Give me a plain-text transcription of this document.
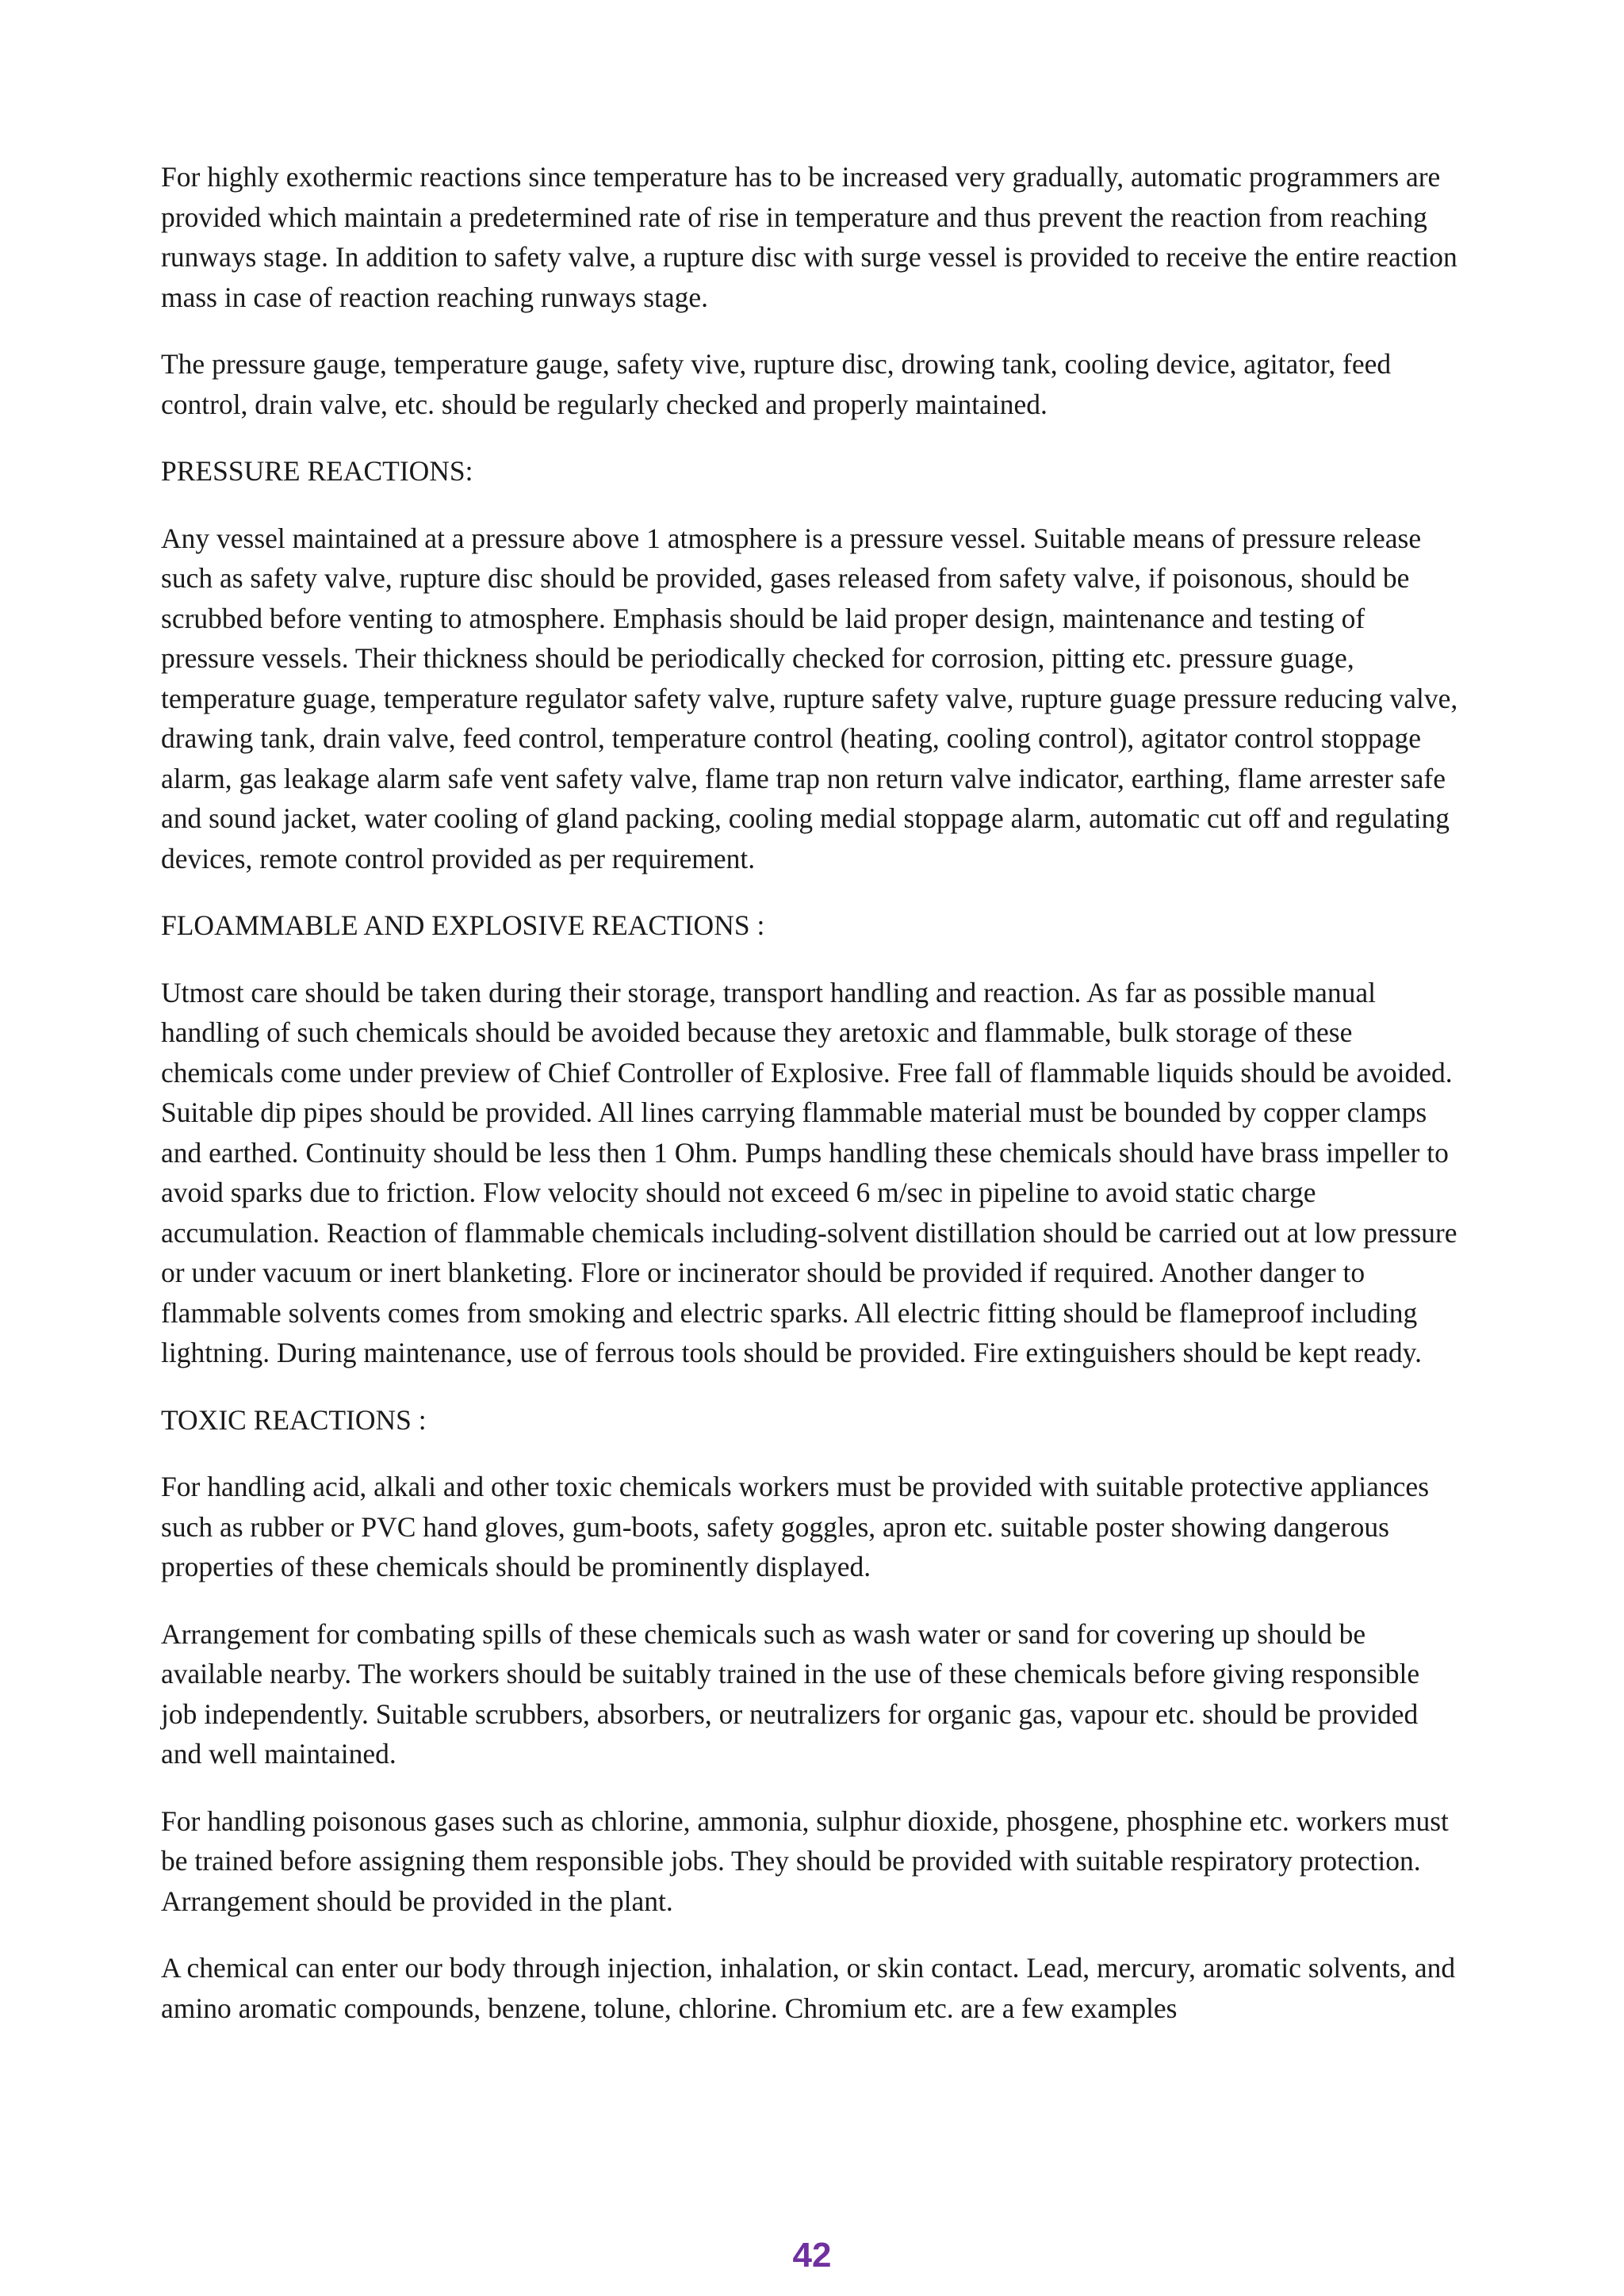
For highly exothermic reactions since temperature has to be increased very gradually, automatic programmers are provided which maintain a predetermined rate of rise in temperature and thus prevent the reaction from reaching runways stage. In addition to safety valve, a rupture disc with surge vessel is provided to receive the entire reaction mass in case of reaction reaching runways stage.

The pressure gauge, temperature gauge, safety vive, rupture disc, drowing tank, cooling device, agitator, feed control, drain valve, etc. should be regularly checked and properly maintained.

PRESSURE REACTIONS:

Any vessel maintained at a pressure above 1 atmosphere is a pressure vessel. Suitable means of pressure release such as safety valve, rupture disc should be provided, gases released from safety valve, if poisonous, should be scrubbed before venting to atmosphere. Emphasis should be laid proper design, maintenance and testing of pressure vessels. Their thickness should be periodically checked for corrosion, pitting etc. pressure guage, temperature guage, temperature regulator safety valve, rupture safety valve, rupture guage pressure reducing valve, drawing tank, drain valve, feed control, temperature control (heating, cooling control), agitator control stoppage alarm, gas leakage alarm safe vent safety valve, flame trap non return valve indicator, earthing, flame arrester safe and sound jacket, water cooling of gland packing, cooling medial stoppage alarm, automatic cut off and regulating devices, remote control provided as per requirement.

FLOAMMABLE AND EXPLOSIVE REACTIONS :

Utmost care should be taken during their storage, transport handling and reaction. As far as possible manual handling of such chemicals should be avoided because they aretoxic and flammable, bulk storage of these chemicals come under preview of Chief Controller of Explosive. Free fall of flammable liquids should be avoided. Suitable dip pipes should be provided. All lines carrying flammable material must be bounded by copper clamps and earthed. Continuity should be less then 1 Ohm. Pumps handling these chemicals should have brass impeller to avoid sparks due to friction. Flow velocity should not exceed 6 m/sec in pipeline to avoid static charge accumulation. Reaction of flammable chemicals including-solvent distillation should be carried out at low pressure or under vacuum or inert blanketing. Flore or incinerator should be provided if required. Another danger to flammable solvents comes from smoking and electric sparks. All electric fitting should be flameproof including lightning. During maintenance, use of ferrous tools should be provided. Fire extinguishers should be kept ready.

TOXIC REACTIONS :

For handling acid, alkali and other toxic chemicals workers must be provided with suitable protective appliances such as rubber or PVC hand gloves, gum-boots, safety goggles, apron etc. suitable poster showing dangerous properties of these chemicals should be prominently displayed.

Arrangement for combating spills of these chemicals such as wash water or sand for covering up should be available nearby. The workers should be suitably trained in the use of these chemicals before giving responsible job independently. Suitable scrubbers, absorbers, or neutralizers for organic gas, vapour etc. should be provided and well maintained.

For handling poisonous gases such as chlorine, ammonia, sulphur dioxide, phosgene, phosphine etc. workers must be trained before assigning them responsible jobs. They should be provided with suitable respiratory protection. Arrangement should be provided in the plant.

A chemical can enter our body through injection, inhalation, or skin contact. Lead, mercury, aromatic solvents, and amino aromatic compounds, benzene, tolune, chlorine. Chromium etc. are a few examples

42
